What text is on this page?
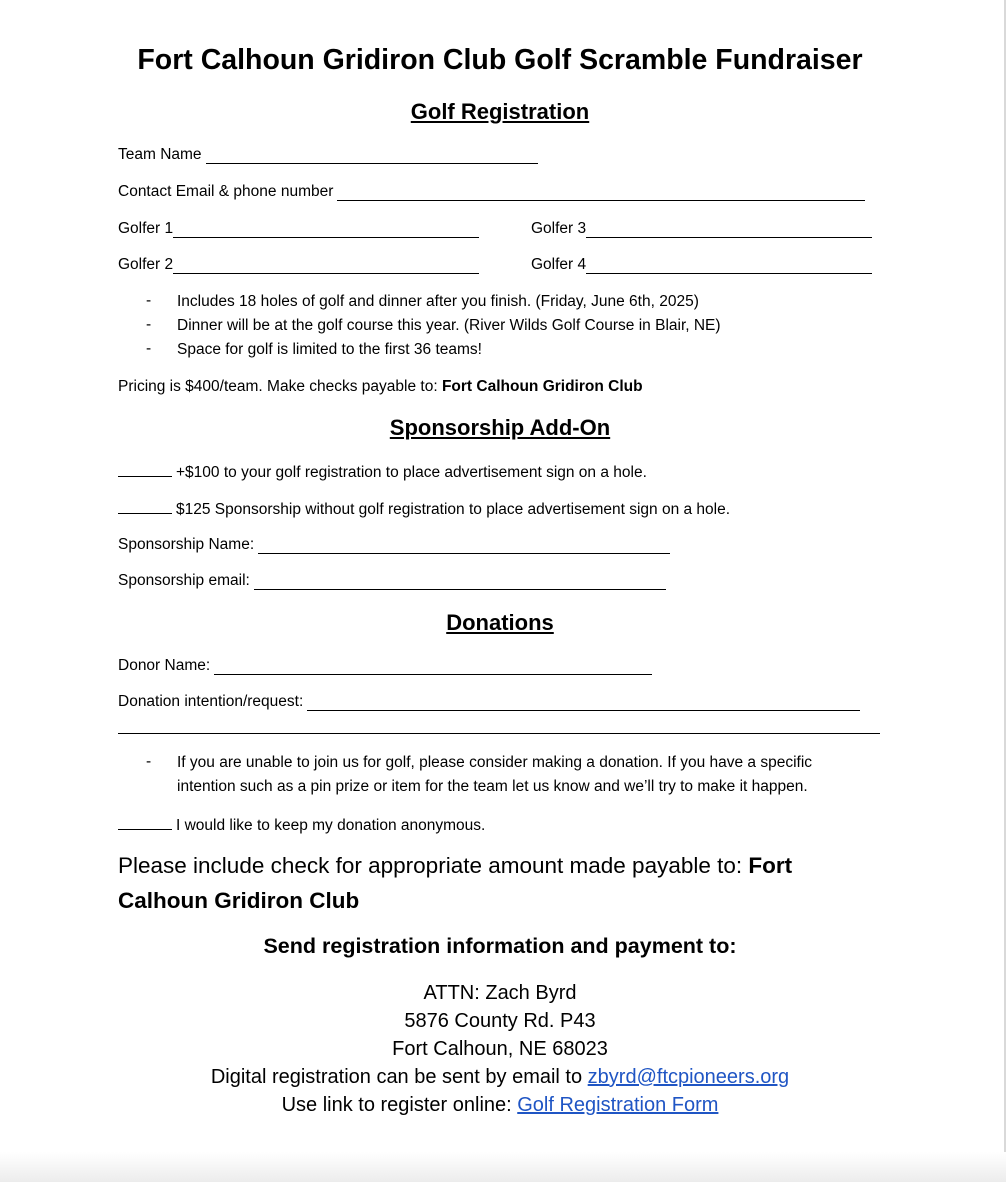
Fort Calhoun Gridiron Club Golf Scramble Fundraiser
Golf Registration
Team Name
Contact Email & phone number
Golfer 1	Golfer 3
Golfer 2	Golfer 4
- Includes 18 holes of golf and dinner after you finish. (Friday, June 6th, 2025)
- Dinner will be at the golf course this year. (River Wilds Golf Course in Blair, NE)
- Space for golf is limited to the first 36 teams!
Pricing is $400/team. Make checks payable to: Fort Calhoun Gridiron Club
Sponsorship Add-On
+$100 to your golf registration to place advertisement sign on a hole.
$125 Sponsorship without golf registration to place advertisement sign on a hole.
Sponsorship Name:
Sponsorship email:
Donations
Donor Name:
Donation intention/request:
- If you are unable to join us for golf, please consider making a donation. If you have a specific
intention such as a pin prize or item for the team let us know and we’ll try to make it happen.
I would like to keep my donation anonymous.
Please include check for appropriate amount made payable to: Fort
Calhoun Gridiron Club
Send registration information and payment to:
ATTN: Zach Byrd
5876 County Rd. P43
Fort Calhoun, NE 68023
Digital registration can be sent by email to zbyrd@ftcpioneers.org
Use link to register online: Golf Registration Form
